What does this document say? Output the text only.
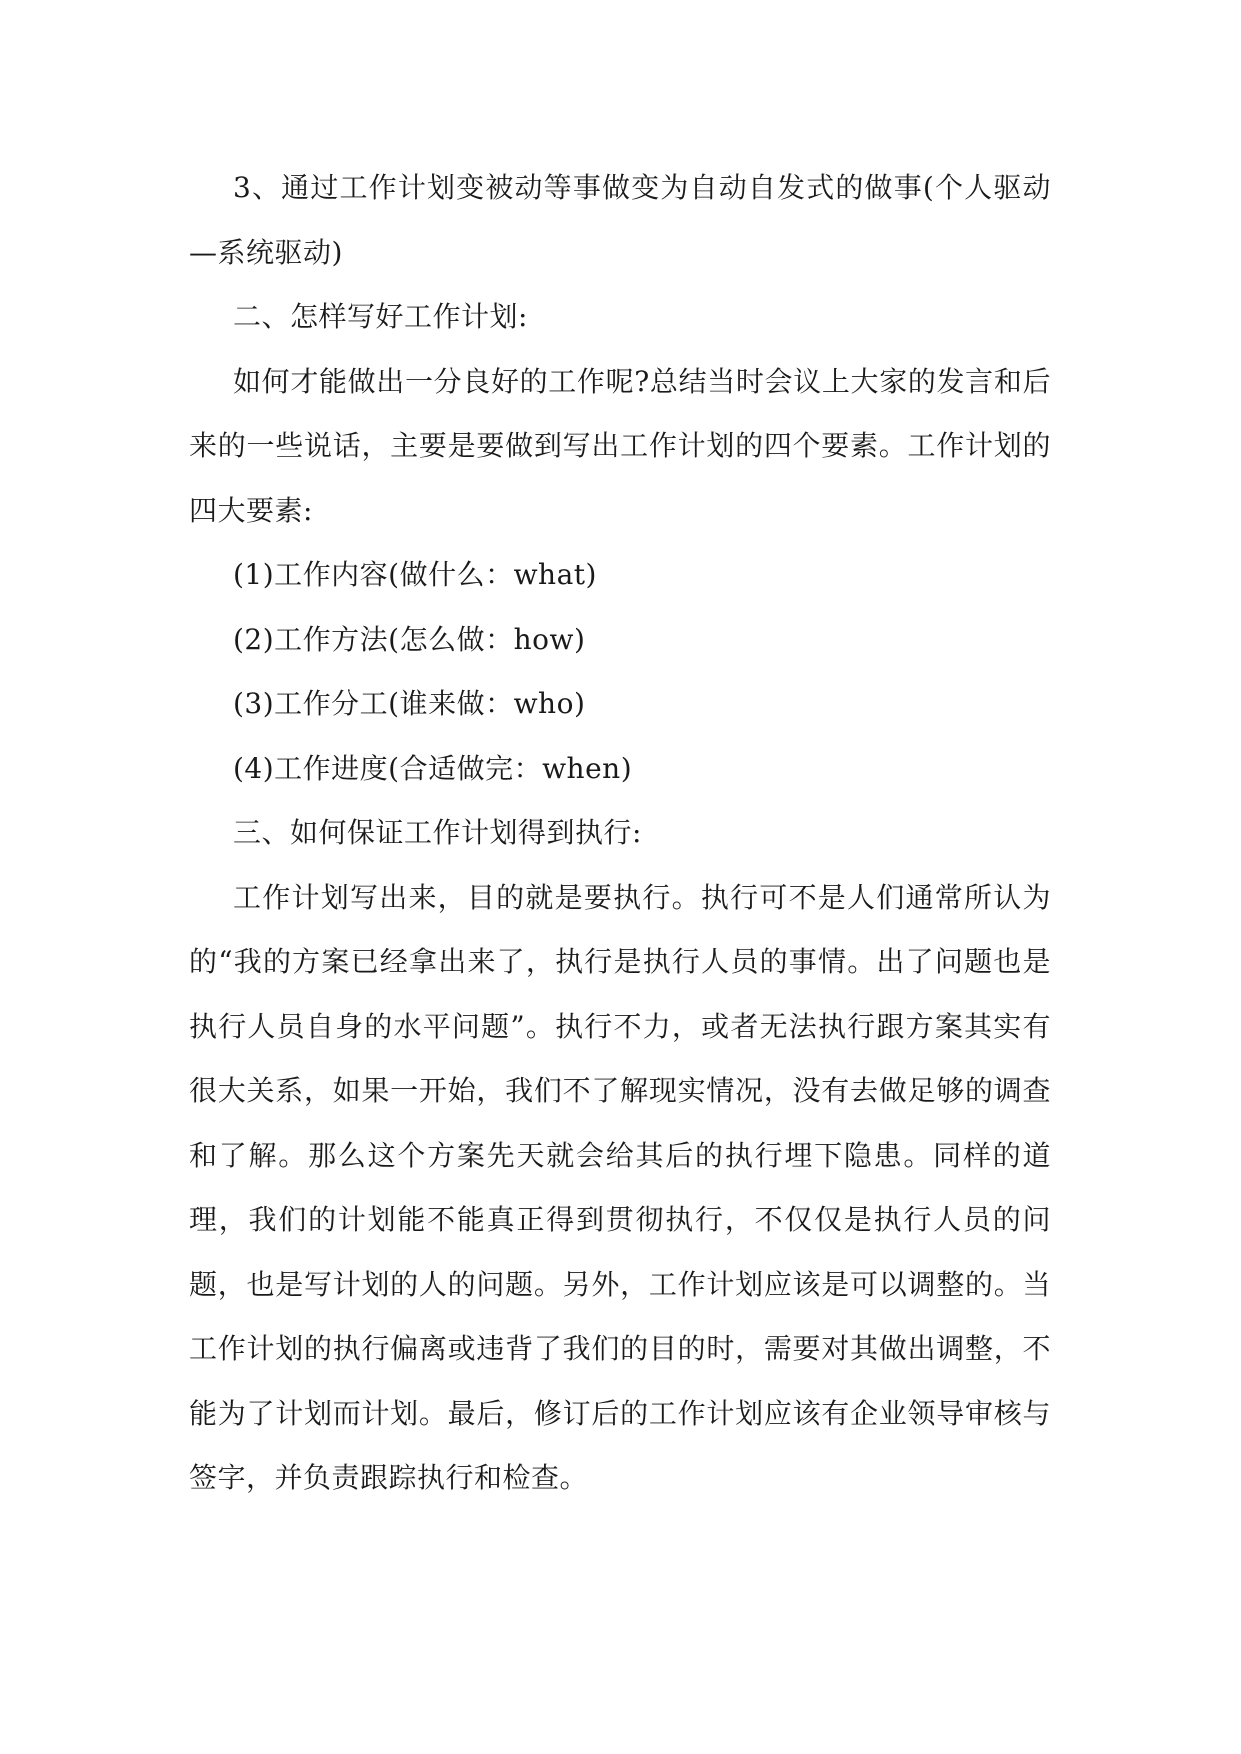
3、通过工作计划变被动等事做变为自动自发式的做事(个人驱动—系统驱动)

二、怎样写好工作计划:

如何才能做出一分良好的工作呢?总结当时会议上大家的发言和后来的一些说话，主要是要做到写出工作计划的四个要素。工作计划的四大要素:

(1)工作内容(做什么：what)

(2)工作方法(怎么做：how)

(3)工作分工(谁来做：who)

(4)工作进度(合适做完：when)

三、如何保证工作计划得到执行:

工作计划写出来，目的就是要执行。执行可不是人们通常所认为的“我的方案已经拿出来了，执行是执行人员的事情。出了问题也是执行人员自身的水平问题”。执行不力，或者无法执行跟方案其实有很大关系，如果一开始，我们不了解现实情况，没有去做足够的调查和了解。那么这个方案先天就会给其后的执行埋下隐患。同样的道理，我们的计划能不能真正得到贯彻执行，不仅仅是执行人员的问题，也是写计划的人的问题。另外，工作计划应该是可以调整的。当工作计划的执行偏离或违背了我们的目的时，需要对其做出调整，不能为了计划而计划。最后，修订后的工作计划应该有企业领导审核与签字，并负责跟踪执行和检查。
